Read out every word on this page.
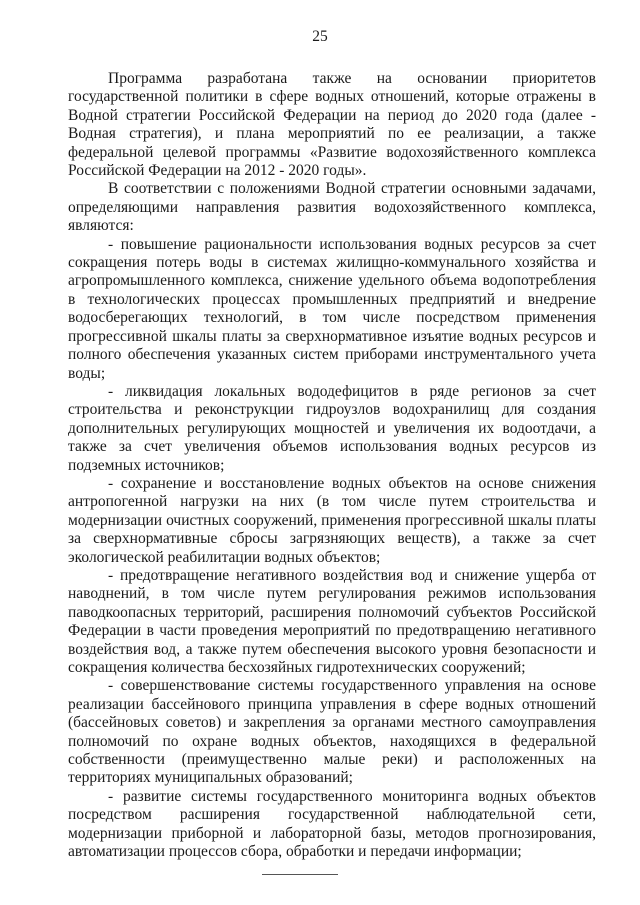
25

Программа разработана также на основании приоритетов государственной политики в сфере водных отношений, которые отражены в Водной стратегии Российской Федерации на период до 2020 года (далее - Водная стратегия), и плана мероприятий по ее реализации, а также федеральной целевой программы «Развитие водохозяйственного комплекса Российской Федерации на 2012 - 2020 годы».

В соответствии с положениями Водной стратегии основными задачами, определяющими направления развития водохозяйственного комплекса, являются:

- повышение рациональности использования водных ресурсов за счет сокращения потерь воды в системах жилищно-коммунального хозяйства и агропромышленного комплекса, снижение удельного объема водопотребления в технологических процессах промышленных предприятий и внедрение водосберегающих технологий, в том числе посредством применения прогрессивной шкалы платы за сверхнормативное изъятие водных ресурсов и полного обеспечения указанных систем приборами инструментального учета воды;

- ликвидация локальных вододефицитов в ряде регионов за счет строительства и реконструкции гидроузлов водохранилищ для создания дополнительных регулирующих мощностей и увеличения их водоотдачи, а также за счет увеличения объемов использования водных ресурсов из подземных источников;

- сохранение и восстановление водных объектов на основе снижения антропогенной нагрузки на них (в том числе путем строительства и модернизации очистных сооружений, применения прогрессивной шкалы платы за сверхнормативные сбросы загрязняющих веществ), а также за счет экологической реабилитации водных объектов;

- предотвращение негативного воздействия вод и снижение ущерба от наводнений, в том числе путем регулирования режимов использования паводкоопасных территорий, расширения полномочий субъектов Российской Федерации в части проведения мероприятий по предотвращению негативного воздействия вод, а также путем обеспечения высокого уровня безопасности и сокращения количества бесхозяйных гидротехнических сооружений;

- совершенствование системы государственного управления на основе реализации бассейнового принципа управления в сфере водных отношений (бассейновых советов) и закрепления за органами местного самоуправления полномочий по охране водных объектов, находящихся в федеральной собственности (преимущественно малые реки) и расположенных на территориях муниципальных образований;

- развитие системы государственного мониторинга водных объектов посредством расширения государственной наблюдательной сети, модернизации приборной и лабораторной базы, методов прогнозирования, автоматизации процессов сбора, обработки и передачи информации;
